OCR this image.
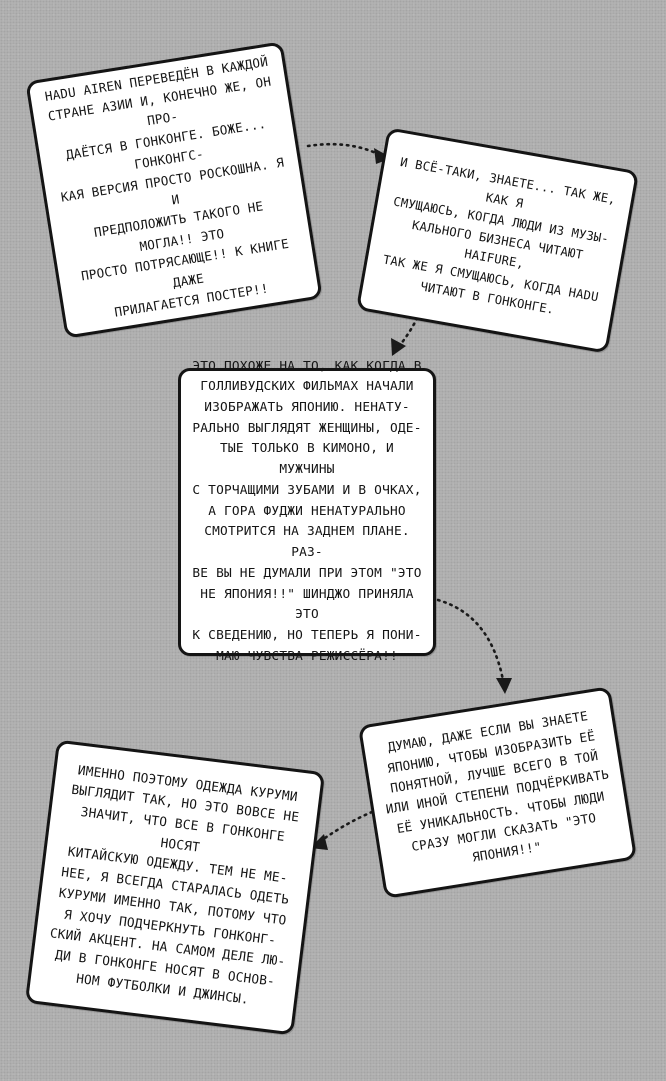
HADU AIREN ПЕРЕВЕДЁН В КАЖДОЙ
СТРАНЕ АЗИИ И, КОНЕЧНО ЖЕ, ОН ПРО-
ДАЁТСЯ В ГОНКОНГЕ. БОЖЕ... ГОНКОНГС-
КАЯ ВЕРСИЯ ПРОСТО РОСКОШНА. Я И
ПРЕДПОЛОЖИТЬ ТАКОГО НЕ МОГЛА!! ЭТО
ПРОСТО ПОТРЯСАЮЩЕ!! К КНИГЕ ДАЖЕ
ПРИЛАГАЕТСЯ ПОСТЕР!!
И ВСЁ-ТАКИ, ЗНАЕТЕ... ТАК ЖЕ, КАК Я
СМУЩАЮСЬ, КОГДА ЛЮДИ ИЗ МУЗЫ-
КАЛЬНОГО БИЗНЕСА ЧИТАЮТ HAIFURE,
ТАК ЖЕ Я СМУЩАЮСЬ, КОГДА HADU
ЧИТАЮТ В ГОНКОНГЕ.
ЭТО ПОХОЖЕ НА ТО, КАК КОГДА В
ГОЛЛИВУДСКИХ ФИЛЬМАХ НАЧАЛИ
ИЗОБРАЖАТЬ ЯПОНИЮ. НЕНАТУ-
РАЛЬНО ВЫГЛЯДЯТ ЖЕНЩИНЫ, ОДЕ-
ТЫЕ ТОЛЬКО В КИМОНО, И МУЖЧИНЫ
С ТОРЧАЩИМИ ЗУБАМИ И В ОЧКАХ,
А ГОРА ФУДЖИ НЕНАТУРАЛЬНО
СМОТРИТСЯ НА ЗАДНЕМ ПЛАНЕ. РАЗ-
ВЕ ВЫ НЕ ДУМАЛИ ПРИ ЭТОМ "ЭТО
НЕ ЯПОНИЯ!!" ШИНДЖО ПРИНЯЛА ЭТО
К СВЕДЕНИЮ, НО ТЕПЕРЬ Я ПОНИ-
МАЮ ЧУВСТВА РЕЖИССЁРА!!
ДУМАЮ, ДАЖЕ ЕСЛИ ВЫ ЗНАЕТЕ
ЯПОНИЮ, ЧТОБЫ ИЗОБРАЗИТЬ ЕЁ
ПОНЯТНОЙ, ЛУЧШЕ ВСЕГО В ТОЙ
ИЛИ ИНОЙ СТЕПЕНИ ПОДЧЁРКИВАТЬ
ЕЁ УНИКАЛЬНОСТЬ. ЧТОБЫ ЛЮДИ
СРАЗУ МОГЛИ СКАЗАТЬ "ЭТО
ЯПОНИЯ!!"
ИМЕННО ПОЭТОМУ ОДЕЖДА КУРУМИ
ВЫГЛЯДИТ ТАК, НО ЭТО ВОВСЕ НЕ
ЗНАЧИТ, ЧТО ВСЕ В ГОНКОНГЕ НОСЯТ
КИТАЙСКУЮ ОДЕЖДУ. ТЕМ НЕ МЕ-
НЕЕ, Я ВСЕГДА СТАРАЛАСЬ ОДЕТЬ
КУРУМИ ИМЕННО ТАК, ПОТОМУ ЧТО
Я ХОЧУ ПОДЧЕРКНУТЬ ГОНКОНГ-
СКИЙ АКЦЕНТ. НА САМОМ ДЕЛЕ ЛЮ-
ДИ В ГОНКОНГЕ НОСЯТ В ОСНОВ-
НОМ ФУТБОЛКИ И ДЖИНСЫ.
